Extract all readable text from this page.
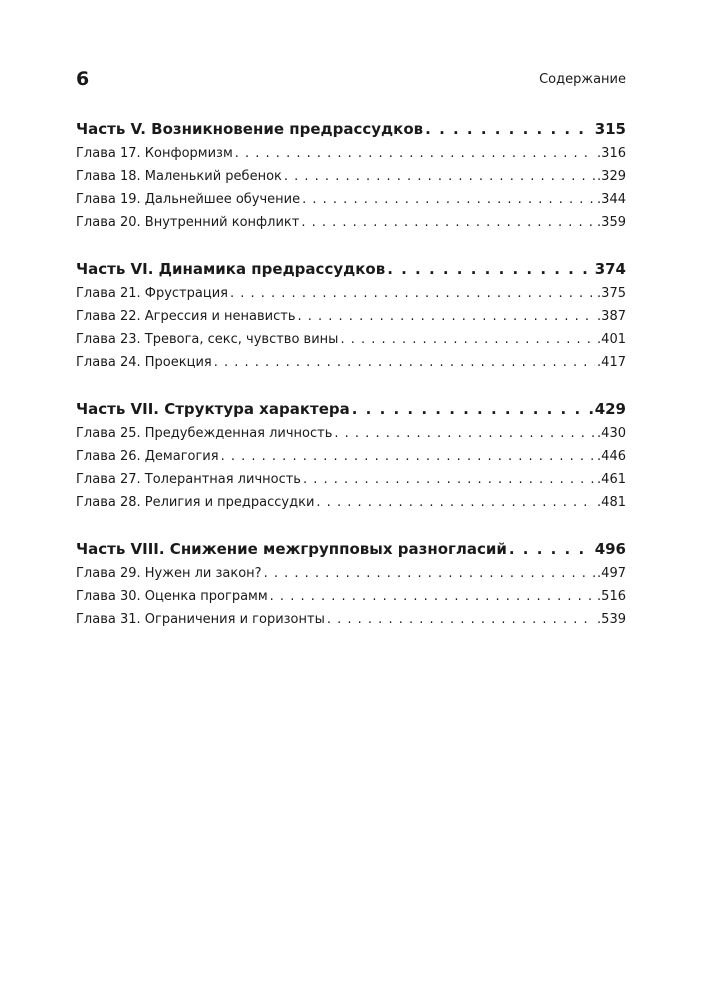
6	Содержание
Часть V. Возникновение предрассудков . . .	315
Глава 17. Конформизм . . .	.316
Глава 18. Маленький ребенок . . .	.329
Глава 19. Дальнейшее обучение . . .	.344
Глава 20. Внутренний конфликт . . .	.359
Часть VI. Динамика предрассудков . . .	374
Глава 21. Фрустрация . . .	.375
Глава 22. Агрессия и ненависть . . .	.387
Глава 23. Тревога, секс, чувство вины . . .	.401
Глава 24. Проекция . . .	.417
Часть VII. Структура характера . . .	429
Глава 25. Предубежденная личность . . .	.430
Глава 26. Демагогия . . .	.446
Глава 27. Толерантная личность . . .	.461
Глава 28. Религия и предрассудки . . .	.481
Часть VIII. Снижение межгрупповых разногласий . . .	496
Глава 29. Нужен ли закон? . . .	.497
Глава 30. Оценка программ . . .	.516
Глава 31. Ограничения и горизонты . . .	.539
